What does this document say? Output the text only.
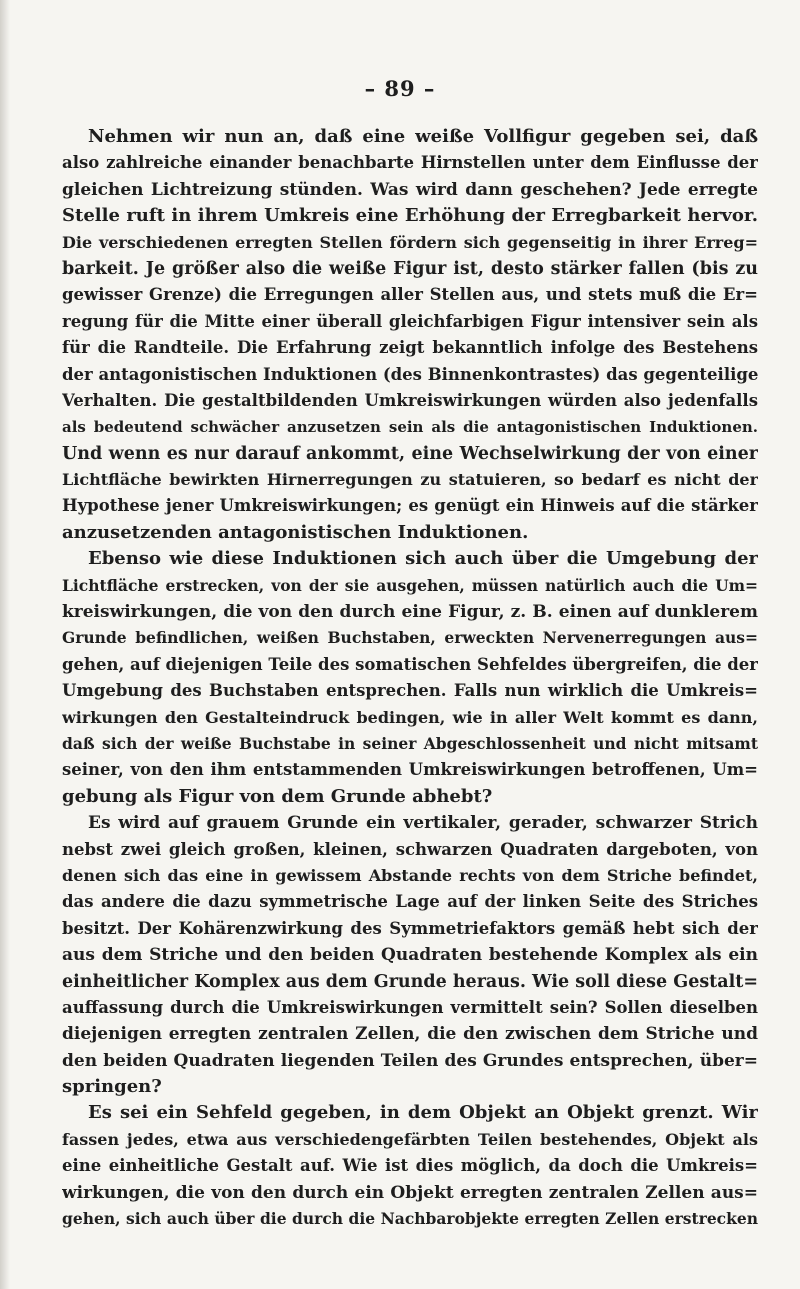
– 89 –
Nehmen wir nun an, daß eine weiße Vollfigur gegeben sei, daß
also zahlreiche einander benachbarte Hirnstellen unter dem Einflusse der
gleichen Lichtreizung stünden. Was wird dann geschehen? Jede erregte
Stelle ruft in ihrem Umkreis eine Erhöhung der Erregbarkeit hervor.
Die verschiedenen erregten Stellen fördern sich gegenseitig in ihrer Erreg=
barkeit. Je größer also die weiße Figur ist, desto stärker fallen (bis zu
gewisser Grenze) die Erregungen aller Stellen aus, und stets muß die Er=
regung für die Mitte einer überall gleichfarbigen Figur intensiver sein als
für die Randteile. Die Erfahrung zeigt bekanntlich infolge des Bestehens
der antagonistischen Induktionen (des Binnenkontrastes) das gegenteilige
Verhalten. Die gestaltbildenden Umkreiswirkungen würden also jedenfalls
als bedeutend schwächer anzusetzen sein als die antagonistischen Induktionen.
Und wenn es nur darauf ankommt, eine Wechselwirkung der von einer
Lichtfläche bewirkten Hirnerregungen zu statuieren, so bedarf es nicht der
Hypothese jener Umkreiswirkungen; es genügt ein Hinweis auf die stärker
anzusetzenden antagonistischen Induktionen.
Ebenso wie diese Induktionen sich auch über die Umgebung der
Lichtfläche erstrecken, von der sie ausgehen, müssen natürlich auch die Um=
kreiswirkungen, die von den durch eine Figur, z. B. einen auf dunklerem
Grunde befindlichen, weißen Buchstaben, erweckten Nervenerregungen aus=
gehen, auf diejenigen Teile des somatischen Sehfeldes übergreifen, die der
Umgebung des Buchstaben entsprechen. Falls nun wirklich die Umkreis=
wirkungen den Gestalteindruck bedingen, wie in aller Welt kommt es dann,
daß sich der weiße Buchstabe in seiner Abgeschlossenheit und nicht mitsamt
seiner, von den ihm entstammenden Umkreiswirkungen betroffenen, Um=
gebung als Figur von dem Grunde abhebt?
Es wird auf grauem Grunde ein vertikaler, gerader, schwarzer Strich
nebst zwei gleich großen, kleinen, schwarzen Quadraten dargeboten, von
denen sich das eine in gewissem Abstande rechts von dem Striche befindet,
das andere die dazu symmetrische Lage auf der linken Seite des Striches
besitzt. Der Kohärenzwirkung des Symmetriefaktors gemäß hebt sich der
aus dem Striche und den beiden Quadraten bestehende Komplex als ein
einheitlicher Komplex aus dem Grunde heraus. Wie soll diese Gestalt=
auffassung durch die Umkreiswirkungen vermittelt sein? Sollen dieselben
diejenigen erregten zentralen Zellen, die den zwischen dem Striche und
den beiden Quadraten liegenden Teilen des Grundes entsprechen, über=
springen?
Es sei ein Sehfeld gegeben, in dem Objekt an Objekt grenzt. Wir
fassen jedes, etwa aus verschiedengefärbten Teilen bestehendes, Objekt als
eine einheitliche Gestalt auf. Wie ist dies möglich, da doch die Umkreis=
wirkungen, die von den durch ein Objekt erregten zentralen Zellen aus=
gehen, sich auch über die durch die Nachbarobjekte erregten Zellen erstrecken
